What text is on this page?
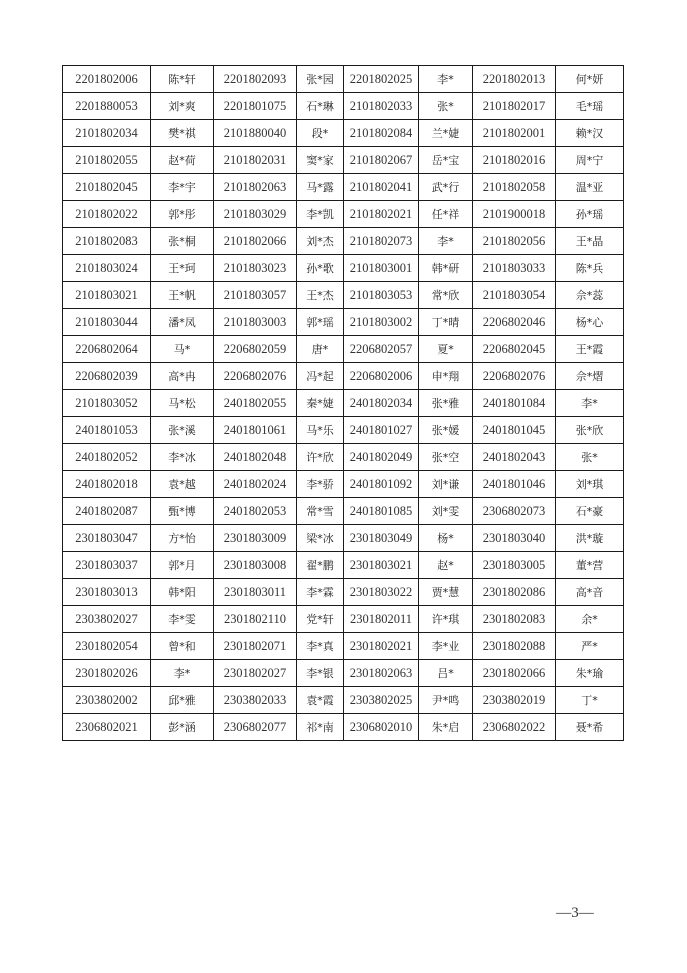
2201802006	陈*轩	2201802093	张*园	2201802025	李*	2201802013	何*妍
2201880053	刘*爽	2201801075	石*琳	2101802033	张*	2101802017	毛*瑶
2101802034	樊*祺	2101880040	段*	2101802084	兰*婕	2101802001	赖*汉
2101802055	赵*荷	2101802031	窦*家	2101802067	岳*宝	2101802016	周*宁
2101802045	李*宇	2101802063	马*露	2101802041	武*行	2101802058	温*亚
2101802022	郭*彤	2101803029	李*凯	2101802021	任*祥	2101900018	孙*瑶
2101802083	张*桐	2101802066	刘*杰	2101802073	李*	2101802056	王*晶
2101803024	王*珂	2101803023	孙*歌	2101803001	韩*研	2101803033	陈*兵
2101803021	王*帆	2101803057	王*杰	2101803053	常*欣	2101803054	佘*蕊
2101803044	潘*凤	2101803003	郭*瑶	2101803002	丁*晴	2206802046	杨*心
2206802064	马*	2206802059	唐*	2206802057	夏*	2206802045	王*霞
2206802039	高*冉	2206802076	冯*起	2206802006	申*翔	2206802076	佘*熠
2101803052	马*松	2401802055	秦*婕	2401802034	张*雅	2401801084	李*
2401801053	张*溪	2401801061	马*乐	2401801027	张*媛	2401801045	张*欣
2401802052	李*冰	2401802048	许*欣	2401802049	张*空	2401802043	张*
2401802018	袁*越	2401802024	李*骄	2401801092	刘*谦	2401801046	刘*琪
2401802087	甄*博	2401802053	常*雪	2401801085	刘*雯	2306802073	石*豪
2301803047	方*怡	2301803009	梁*冰	2301803049	杨*	2301803040	洪*璇
2301803037	郭*月	2301803008	翟*鹏	2301803021	赵*	2301803005	董*营
2301803013	韩*阳	2301803011	李*霖	2301803022	贾*慧	2301802086	高*音
2303802027	李*雯	2301802110	党*轩	2301802011	许*琪	2301802083	余*
2301802054	曾*和	2301802071	李*真	2301802021	李*业	2301802088	严*
2301802026	李*	2301802027	李*银	2301802063	吕*	2301802066	朱*瑜
2303802002	邱*雅	2303802033	袁*霞	2303802025	尹*鸣	2303802019	丁*
2306802021	彭*涵	2306802077	祁*南	2306802010	朱*启	2306802022	聂*希
—3—
